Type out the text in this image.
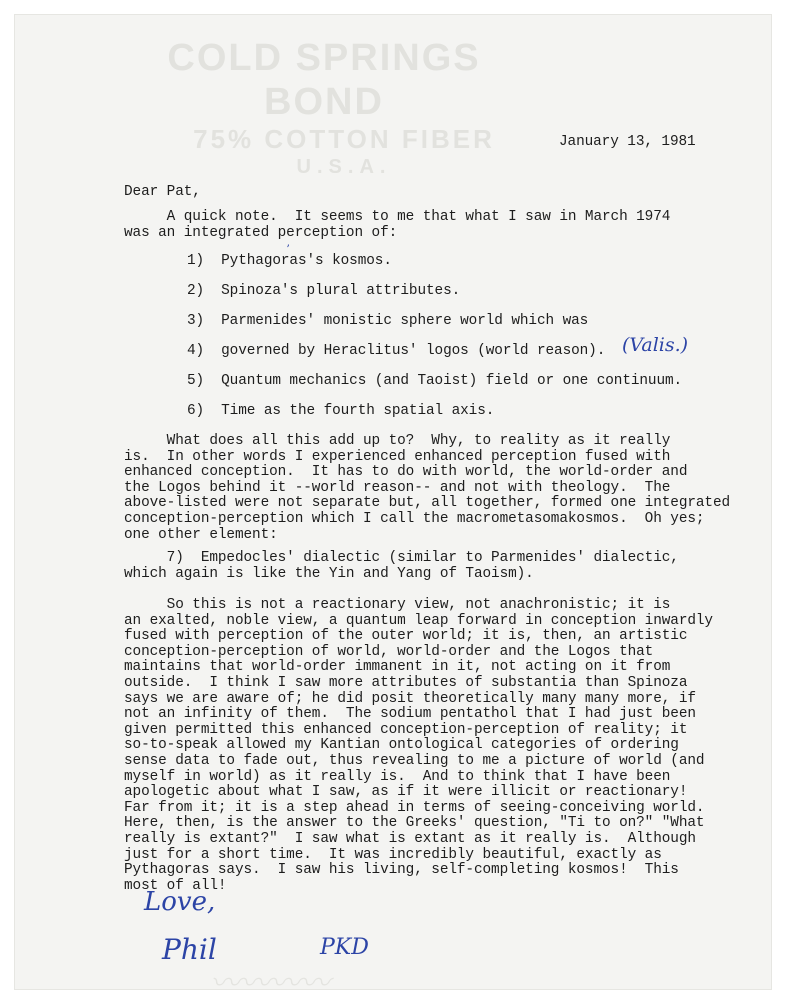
COLD SPRINGS BOND
75% COTTON FIBER
U.S.A.
January 13, 1981
Dear Pat,
A quick note.  It seems to me that what I saw in March 1974
was an integrated perception of:
1)  Pythagoras's kosmos.
2)  Spinoza's plural attributes.
3)  Parmenides' monistic sphere world which was
4)  governed by Heraclitus' logos (world reason).
5)  Quantum mechanics (and Taoist) field or one continuum.
6)  Time as the fourth spatial axis.
(Valis.)
ʼ
What does all this add up to?  Why, to reality as it really
is.  In other words I experienced enhanced perception fused with
enhanced conception.  It has to do with world, the world-order and
the Logos behind it --world reason-- and not with theology.  The
above-listed were not separate but, all together, formed one integrated
conception-perception which I call the macrometasomakosmos.  Oh yes;
one other element:
7)  Empedocles' dialectic (similar to Parmenides' dialectic,
which again is like the Yin and Yang of Taoism).
So this is not a reactionary view, not anachronistic; it is
an exalted, noble view, a quantum leap forward in conception inwardly
fused with perception of the outer world; it is, then, an artistic
conception-perception of world, world-order and the Logos that
maintains that world-order immanent in it, not acting on it from
outside.  I think I saw more attributes of substantia than Spinoza
says we are aware of; he did posit theoretically many many more, if
not an infinity of them.  The sodium pentathol that I had just been
given permitted this enhanced conception-perception of reality; it
so-to-speak allowed my Kantian ontological categories of ordering
sense data to fade out, thus revealing to me a picture of world (and
myself in world) as it really is.  And to think that I have been
apologetic about what I saw, as if it were illicit or reactionary!
Far from it; it is a step ahead in terms of seeing-conceiving world.
Here, then, is the answer to the Greeks' question, "Ti to on?" "What
really is extant?"  I saw what is extant as it really is.  Although
just for a short time.  It was incredibly beautiful, exactly as
Pythagoras says.  I saw his living, self-completing kosmos!  This
most of all!
Love,
Phil	PKD
〰〰〰〰
